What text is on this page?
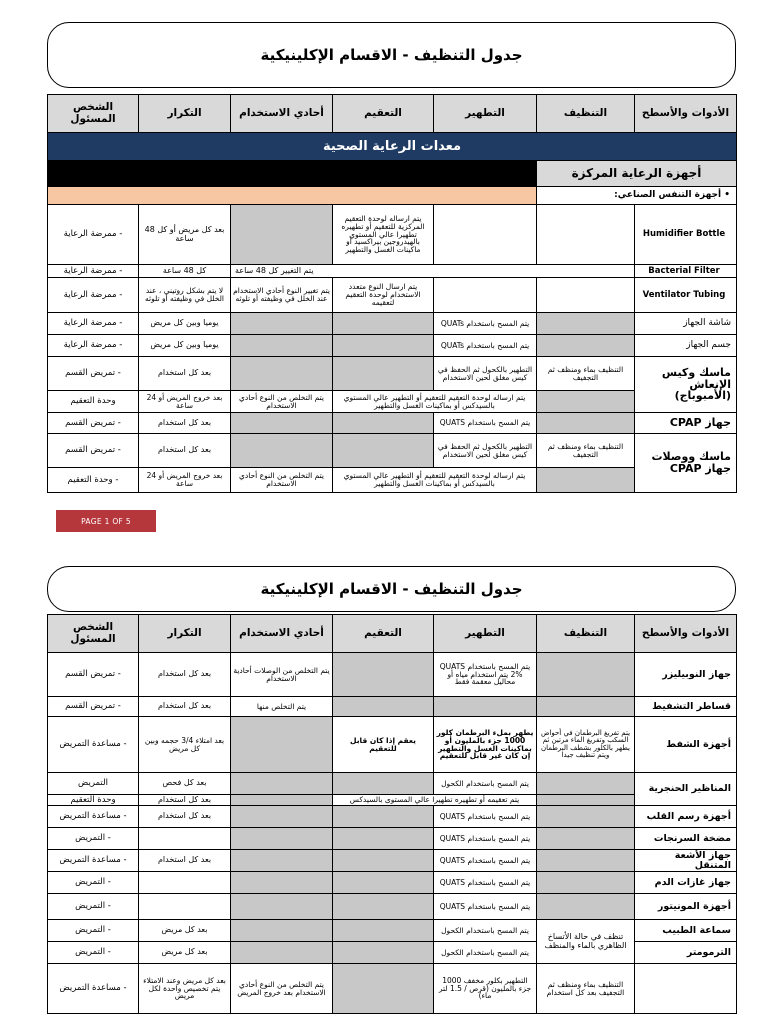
جدول التنظيف - الاقسام الإكلينيكية
الأدوات والأسطح	التنظيف	التطهير	التعقيم	أحادي الاستخدام	التكرار	الشخص المسئول
معدات الرعاية الصحية						
أجهزة الرعاية المركزة						
• أجهزة التنفس الصناعي:						
Humidifier Bottle			يتم ارساله لوحدة التعقيم المركزية للتعقيم أو تطهيره تطهيرا عالي المستوي بالهيدروجين بيراكسيد أو ماكينات الغسل والتطهير		بعد كل مريض أو كل 48 ساعة	- ممرضة الرعاية
Bacterial Filter	يتم التغيير كل 48 ساعة				كل 48 ساعة	- ممرضة الرعاية
Ventilator Tubing			يتم ارسال النوع متعدد الاستخدام لوحدة التعقيم لتعقيمه	يتم تغيير النوع أحادي الاستخدام عند الخلل في وظيفته أو تلوثه	لا يتم بشكل روتيني ، عند الخلل في وظيفته أو تلوثه	- ممرضة الرعاية
شاشة الجهاز		يتم المسح باستخدام QUATs			يوميا وبين كل مريض	- ممرضة الرعاية
جسم الجهاز		يتم المسح باستخدام QUATs			يوميا وبين كل مريض	- ممرضة الرعاية
ماسك وكيس الإنعاش (الأمبوباج)	التنظيف بماء ومنظف ثم التجفيف	التطهير بالكحول ثم الحفظ في كيس مغلق لحين الاستخدام			بعد كل استخدام	- تمريض القسم
		يتم ارساله لوحدة التعقيم للتعقيم أو التطهير عالي المستوي بالسيدكس أو بماكينات الغسل والتطهير		يتم التخلص من النوع أحادي الاستخدام	بعد خروج المريض أو 24 ساعة	وحدة التعقيم
جهاز CPAP		يتم المسح باستخدام QUATS			بعد كل استخدام	- تمريض القسم
ماسك ووصلات جهاز CPAP	التنظيف بماء ومنظف ثم التجفيف	التطهير بالكحول ثم الحفظ في كيس مغلق لحين الاستخدام			بعد كل استخدام	- تمريض القسم
		يتم ارساله لوحدة التعقيم للتعقيم أو التطهير عالي المستوي بالسيدكس أو بماكينات الغسل والتطهير		يتم التخلص من النوع أحادي الاستخدام	بعد خروج المريض أو 24 ساعة	- وحدة التعقيم
PAGE 1 OF 5
جدول التنظيف - الاقسام الإكلينيكية
الأدوات والأسطح	التنظيف	التطهير	التعقيم	أحادي الاستخدام	التكرار	الشخص المسئول
جهاز النوبيليزر		يتم المسح باستخدام QUATS 2% يتم استخدام مياه أو محاليل معقمة فقط		يتم التخلص من الوصلات أحادية الاستخدام	بعد كل استخدام	- تمريض القسم
قساطر التشفيط				يتم التخلص منها	بعد كل استخدام	- تمريض القسم
أجهزة الشفط	يتم تفريغ البرطمان في أحواض السكب وتفريغ الماء مرتين ثم يطهر بالكلور بشطف البرطمان ويتم تنظيف جيدا	يطهر بملء البرطمان كلور 1000 جزء بالمليون أو بماكينات الغسل والتطهير إن كان غير قابل للتعقيم	يعقم إذا كان قابل للتعقيم		بعد امتلاء 3/4 حجمه وبين كل مريض	- مساعدة التمريض
المناظير الحنجرية		يتم المسح باستخدام الكحول			بعد كل فحص	التمريض
		يتم تعقيمه أو تطهيره تطهيرا عالي المستوى بالسيدكس			بعد كل استخدام	وحدة التعقيم
أجهزة رسم القلب		يتم المسح باستخدام QUATS			بعد كل استخدام	- مساعدة التمريض
مضخة السرنجات		يتم المسح باستخدام QUATS				- التمريض
جهاز الأشعة المتنقل		يتم المسح باستخدام QUATS			بعد كل استخدام	- مساعدة التمريض
جهاز غازات الدم		يتم المسح باستخدام QUATS				- التمريض
أجهزة المونيتور		يتم المسح باستخدام QUATS				- التمريض
سماعة الطبيب	تنظف في حالة الأتساخ الظاهري بالماء والمنظف	يتم المسح باستخدام الكحول			بعد كل مريض	- التمريض
الترمومتر		يتم المسح باستخدام الكحول			بعد كل مريض	- التمريض
	التنظيف بماء ومنظف ثم التجفيف بعد كل استخدام	التطهير بكلور مخفف 1000 جزء بالمليون (قرص / 1.5 لتر ماء)		يتم التخلص من النوع أحادي الاستخدام بعد خروج المريض	بعد كل مريض وعند الامتلاء يتم تخصيص واحدة لكل مريض	- مساعدة التمريض
